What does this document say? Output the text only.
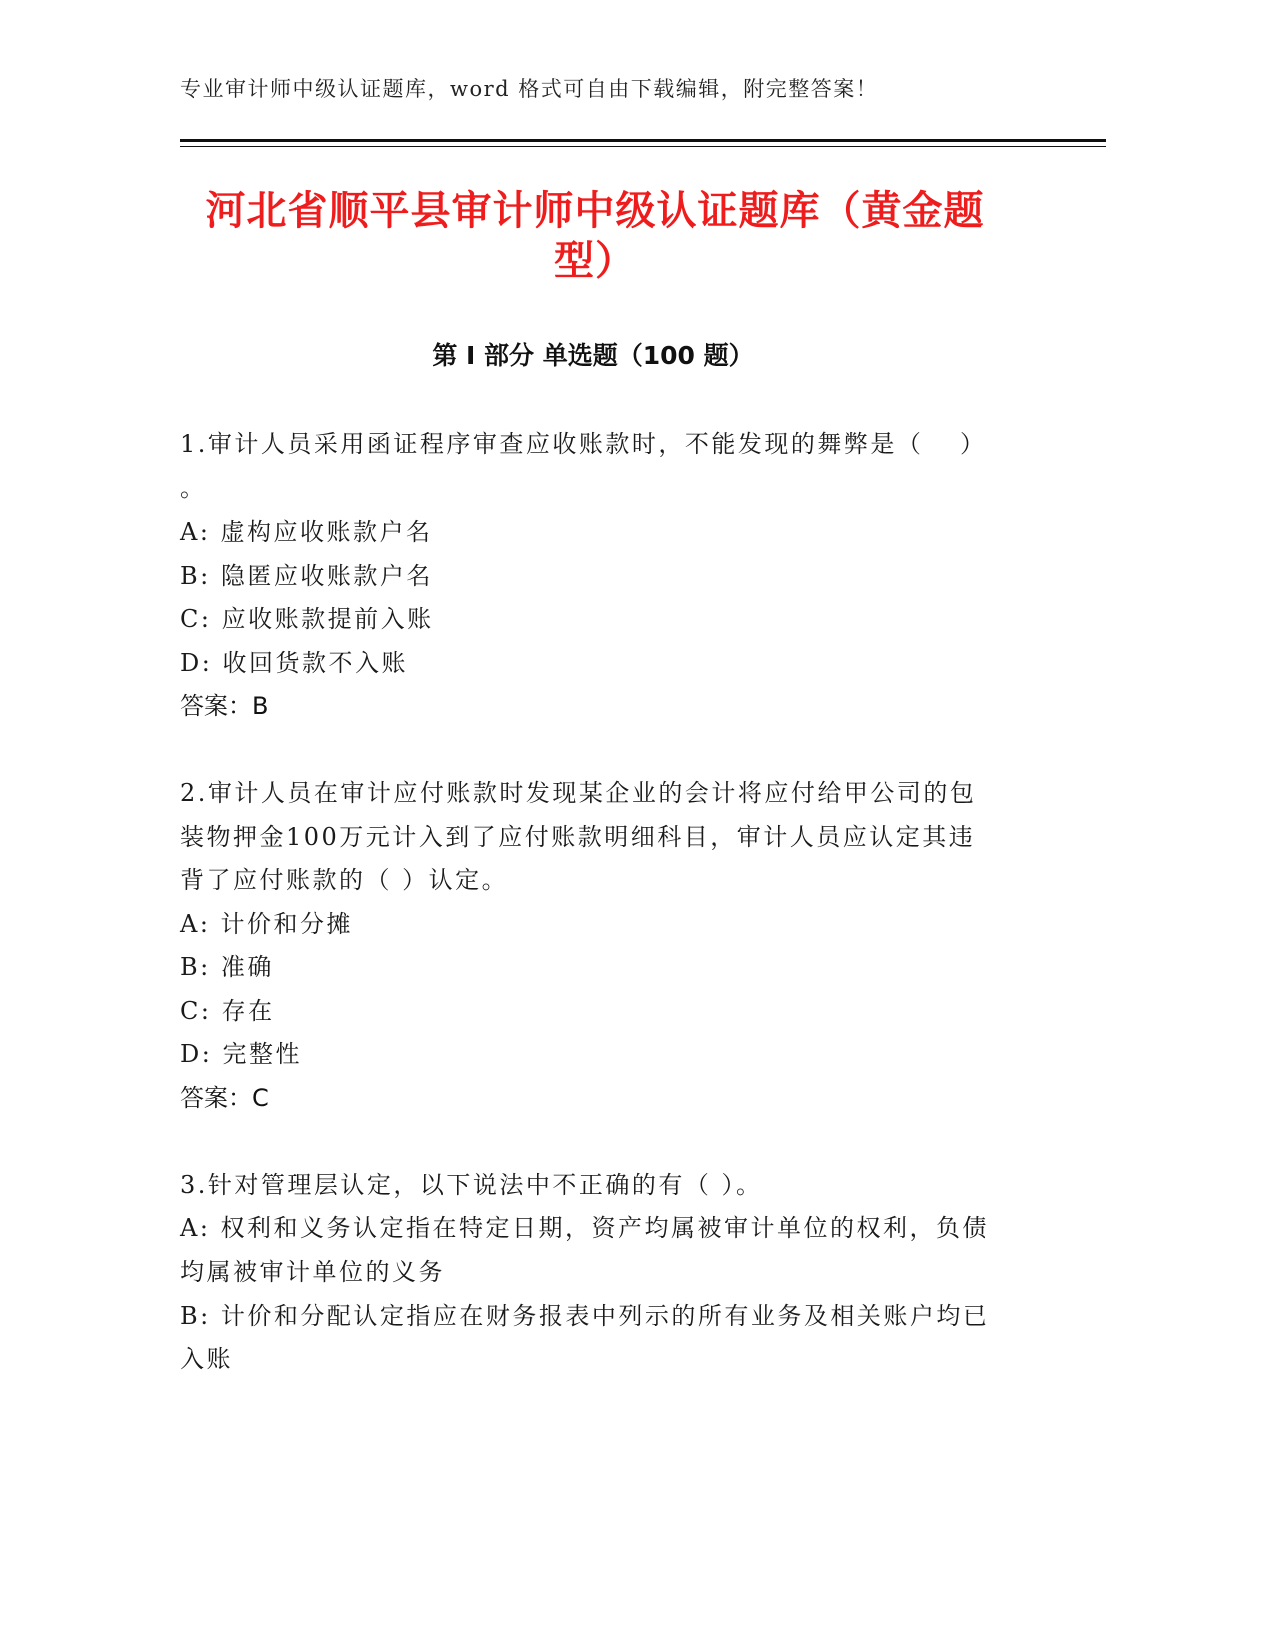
专业审计师中级认证题库，word 格式可自由下载编辑，附完整答案！
河北省顺平县审计师中级认证题库（黄金题
型）
第 I 部分 单选题（100 题）
1.审计人员采用函证程序审查应收账款时，不能发现的舞弊是（　 ）
。
A: 虚构应收账款户名
B: 隐匿应收账款户名
C: 应收账款提前入账
D: 收回货款不入账
答案：B
2.审计人员在审计应付账款时发现某企业的会计将应付给甲公司的包
装物押金100万元计入到了应付账款明细科目，审计人员应认定其违
背了应付账款的（ ）认定。
A: 计价和分摊
B: 准确
C: 存在
D: 完整性
答案：C
3.针对管理层认定，以下说法中不正确的有（ ）。
A: 权利和义务认定指在特定日期，资产均属被审计单位的权利，负债
均属被审计单位的义务
B: 计价和分配认定指应在财务报表中列示的所有业务及相关账户均已
入账
